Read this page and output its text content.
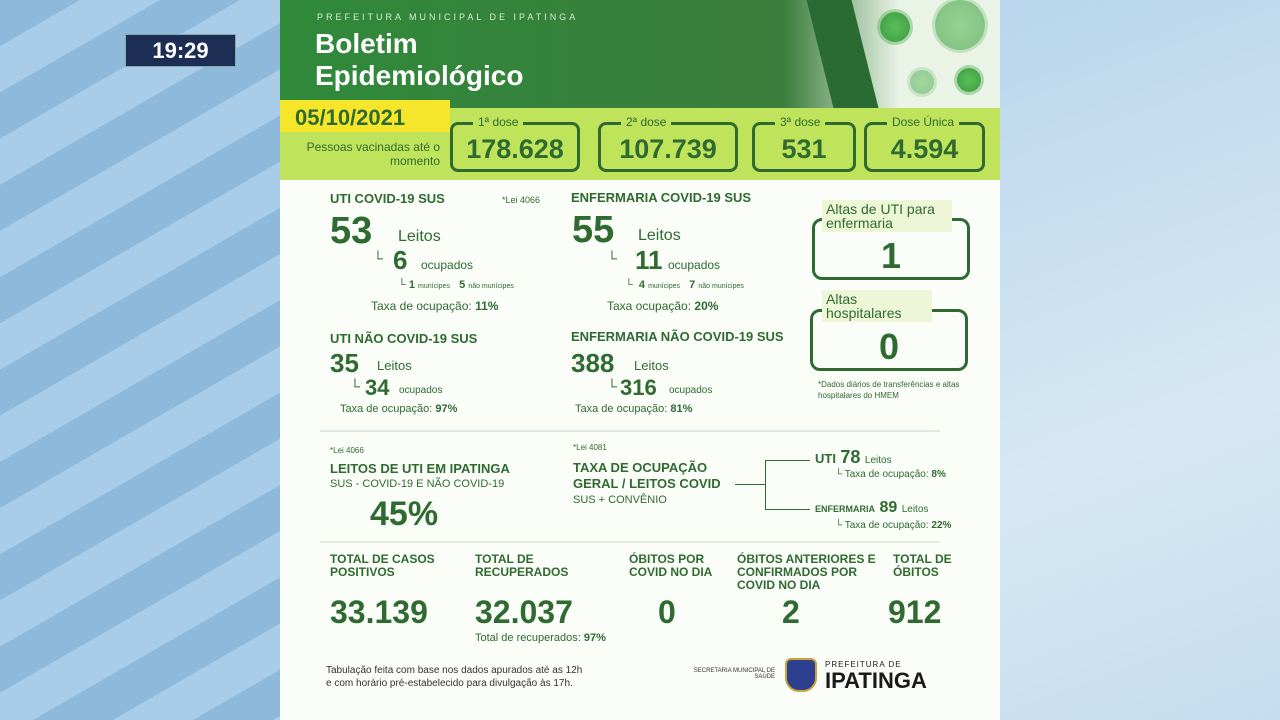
19:29
PREFEITURA MUNICIPAL DE IPATINGA
Boletim
Epidemiológico
05/10/2021
Pessoas vacinadas até o momento
1ª dose
178.628
2ª dose
107.739
3ª dose
531
Dose Única
4.594
UTI COVID-19 SUS	*Lei 4066
53 Leitos
└ 6 ocupados
└ 1 munícipes 5 não munícipes
Taxa de ocupação: 11%
ENFERMARIA COVID-19 SUS
55 Leitos
└ 11 ocupados
└  4 munícipes 7 não munícipes
Taxa ocupação: 20%
UTI NÃO COVID-19 SUS
35 Leitos
└ 34 ocupados
Taxa de ocupação: 97%
ENFERMARIA NÃO COVID-19 SUS
388 Leitos
└ 316 ocupados
Taxa de ocupação: 81%
1
Altas de UTI para enfermaria
0
Altas hospitalares
*Dados diários de transferências e altas hospitalares do HMEM
*Lei 4066
LEITOS DE UTI EM IPATINGA
SUS - COVID-19 E NÃO COVID-19
45%
*Lei 4081
TAXA DE OCUPAÇÃO
GERAL / LEITOS COVID
SUS + CONVÊNIO
UTI 78 Leitos
└ Taxa de ocupação: 8%
ENFERMARIA 89 Leitos
└ Taxa de ocupação: 22%
TOTAL DE CASOS POSITIVOS
33.139
TOTAL DE RECUPERADOS
32.037
Total de recuperados: 97%
ÓBITOS POR COVID NO DIA
0
ÓBITOS ANTERIORES E CONFIRMADOS POR COVID NO DIA
2
TOTAL DE ÓBITOS
912
Tabulação feita com base nos dados apurados até as 12h
e com horário pré-estabelecido para divulgação às 17h.
SECRETARIA MUNICIPAL DE SAÚDE
PREFEITURA DE
IPATINGA
